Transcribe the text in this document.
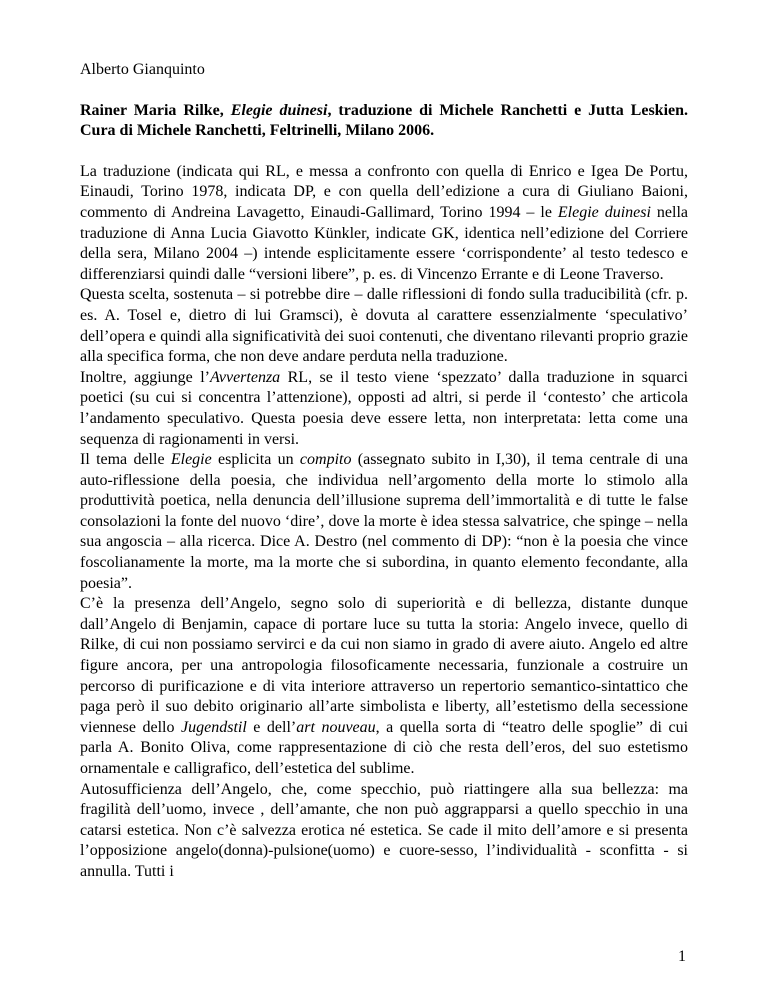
Alberto Gianquinto

Rainer Maria Rilke, Elegie duinesi, traduzione di Michele Ranchetti e Jutta Leskien. Cura di Michele Ranchetti, Feltrinelli, Milano 2006.

La traduzione (indicata qui RL, e messa a confronto con quella di Enrico e Igea De Portu, Einaudi, Torino 1978, indicata DP, e con quella dell’edizione a cura di Giuliano Baioni, commento di Andreina Lavagetto, Einaudi-Gallimard, Torino 1994 – le Elegie duinesi nella traduzione di Anna Lucia Giavotto Künkler, indicate GK, identica nell’edizione del Corriere della sera, Milano 2004 –) intende esplicitamente essere ‘corrispondente’ al testo tedesco e differenziarsi quindi dalle “versioni libere”, p. es. di Vincenzo Errante e di Leone Traverso.

Questa scelta, sostenuta – si potrebbe dire – dalle riflessioni di fondo sulla traducibilità (cfr. p. es. A. Tosel e, dietro di lui Gramsci), è dovuta al carattere essenzialmente ‘speculativo’ dell’opera e quindi alla significatività dei suoi contenuti, che diventano rilevanti proprio grazie alla specifica forma, che non deve andare perduta nella traduzione.

Inoltre, aggiunge l’Avvertenza RL, se il testo viene ‘spezzato’ dalla traduzione in squarci poetici (su cui si concentra l’attenzione), opposti ad altri, si perde il ‘contesto’ che articola l’andamento speculativo. Questa poesia deve essere letta, non interpretata: letta come una sequenza di ragionamenti in versi.

Il tema delle Elegie esplicita un compito (assegnato subito in I,30), il tema centrale di una auto-riflessione della poesia, che individua nell’argomento della morte lo stimolo alla produttività poetica, nella denuncia dell’illusione suprema dell’immortalità e di tutte le false consolazioni la fonte del nuovo ‘dire’, dove la morte è idea stessa salvatrice, che spinge – nella sua angoscia – alla ricerca. Dice A. Destro (nel commento di DP): “non è la poesia che vince foscolianamente la morte, ma la morte che si subordina, in quanto elemento fecondante, alla poesia”.

C’è la presenza dell’Angelo, segno solo di superiorità e di bellezza, distante dunque dall’Angelo di Benjamin, capace di portare luce su tutta la storia: Angelo invece, quello di Rilke, di cui non possiamo servirci e da cui non siamo in grado di avere aiuto. Angelo ed altre figure ancora, per una antropologia filosoficamente necessaria, funzionale a costruire un percorso di purificazione e di vita interiore attraverso un repertorio semantico-sintattico che paga però il suo debito originario all’arte simbolista e liberty, all’estetismo della secessione viennese dello Jugendstil e dell’art nouveau, a quella sorta di “teatro delle spoglie” di cui parla A. Bonito Oliva, come rappresentazione di ciò che resta dell’eros, del suo estetismo ornamentale e calligrafico, dell’estetica del sublime.

Autosufficienza dell’Angelo, che, come specchio, può riattingere alla sua bellezza: ma fragilità dell’uomo, invece , dell’amante, che non può aggrapparsi a quello specchio in una catarsi estetica. Non c’è salvezza erotica né estetica. Se cade il mito dell’amore e si presenta l’opposizione angelo(donna)-pulsione(uomo) e cuore-sesso, l’individualità - sconfitta - si annulla. Tutti i

1
